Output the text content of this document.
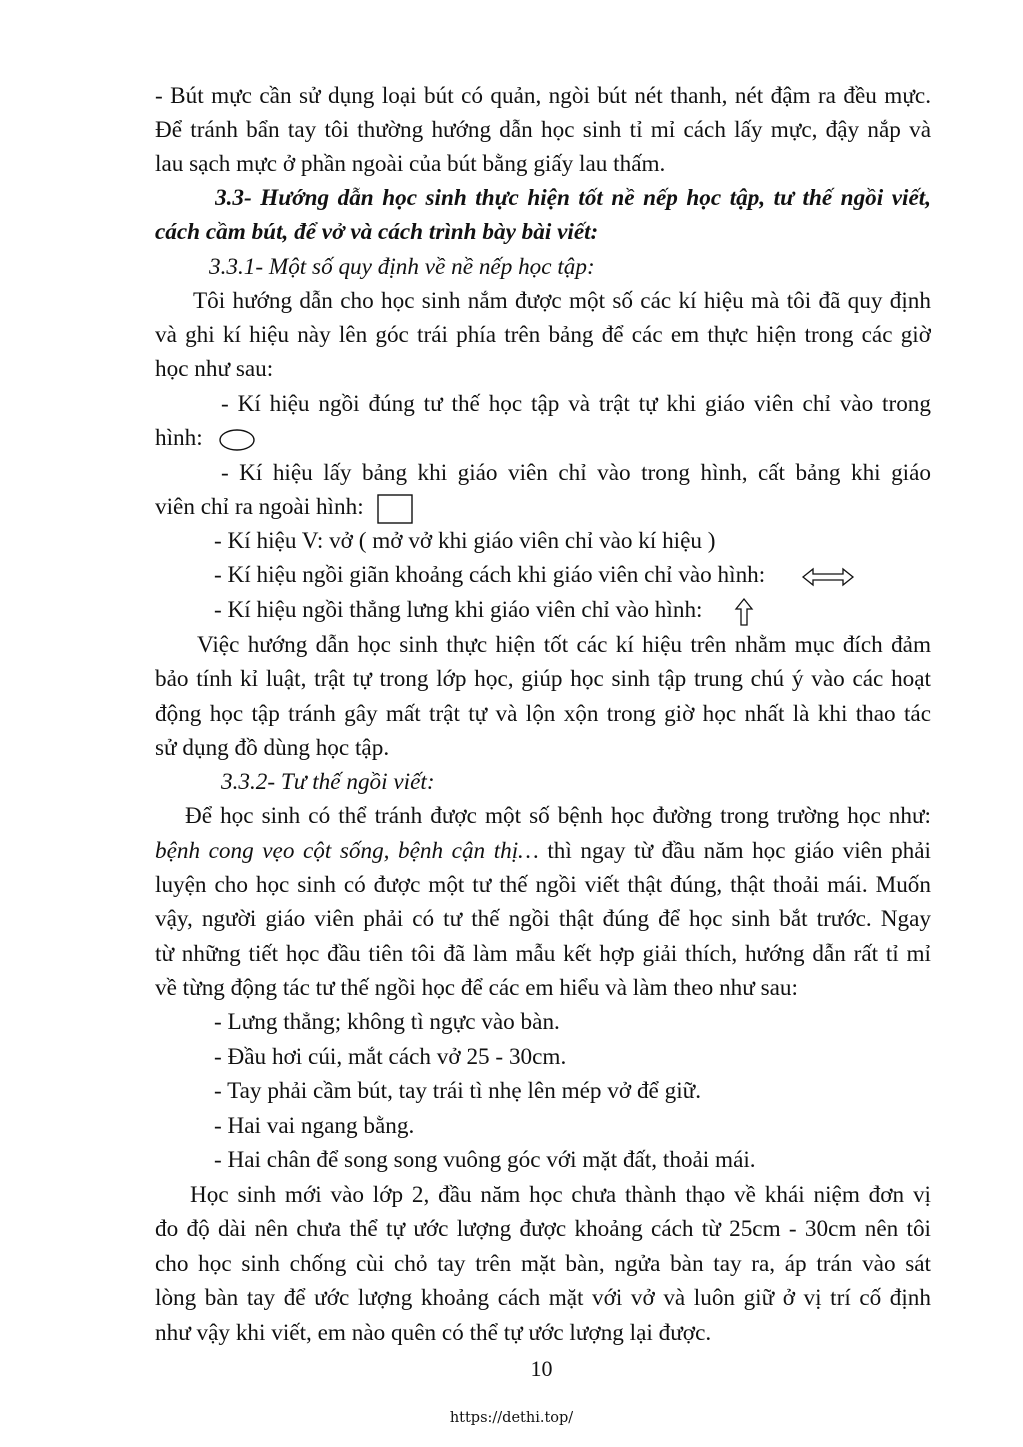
- Bút mực cần sử dụng loại bút có quản, ngòi bút nét thanh, nét đậm ra đều mực.
Để tránh bẩn tay tôi thường hướng dẫn học sinh tỉ mỉ cách lấy mực, đậy nắp và
lau sạch mực ở phần ngoài của bút bằng giấy lau thấm.
3.3- Hướng dẫn học sinh thực hiện tốt nề nếp học tập, tư thế ngồi viết,
cách cầm bút, để vở và cách trình bày bài viết:
3.3.1- Một số quy định về nề nếp học tập:
Tôi hướng dẫn cho học sinh nắm được một số các kí hiệu mà tôi đã quy định
và ghi kí hiệu này lên góc trái phía trên bảng để các em thực hiện trong các giờ
học như sau:
- Kí hiệu ngồi đúng tư thế học tập và trật tự khi giáo viên chỉ vào trong
hình:
- Kí hiệu lấy bảng khi giáo viên chỉ vào trong hình, cất bảng khi giáo
viên chỉ ra ngoài hình:
- Kí hiệu V: vở ( mở vở khi giáo viên chỉ vào kí hiệu )
- Kí hiệu ngồi giãn khoảng cách khi giáo viên chỉ vào hình:
- Kí hiệu ngồi thẳng lưng khi giáo viên chỉ vào hình:
Việc hướng dẫn học sinh thực hiện tốt các kí hiệu trên nhằm mục đích đảm
bảo tính kỉ luật, trật tự trong lớp học, giúp học sinh tập trung chú ý vào các hoạt
động học tập tránh gây mất trật tự và lộn xộn trong giờ học nhất là khi thao tác
sử dụng đồ dùng học tập.
3.3.2- Tư thế ngồi viết:
Để học sinh có thể tránh được một số bệnh học đường trong trường học như:
bệnh cong vẹo cột sống, bệnh cận thị… thì ngay từ đầu năm học giáo viên phải
luyện cho học sinh có được một tư thế ngồi viết thật đúng, thật thoải mái. Muốn
vậy, người giáo viên phải có tư thế ngồi thật đúng để học sinh bắt trước. Ngay
từ những tiết học đầu tiên tôi đã làm mẫu kết hợp giải thích, hướng dẫn rất tỉ mỉ
về từng động tác tư thế ngồi học để các em hiểu và làm theo như sau:
- Lưng thẳng; không tì ngực vào bàn.
- Đầu hơi cúi, mắt cách vở 25 - 30cm.
- Tay phải cầm bút, tay trái tì nhẹ lên mép vở để giữ.
- Hai vai ngang bằng.
- Hai chân để song song vuông góc với mặt đất, thoải mái.
Học sinh mới vào lớp 2, đầu năm học chưa thành thạo về khái niệm đơn vị
đo độ dài nên chưa thể tự ước lượng được khoảng cách từ 25cm - 30cm nên tôi
cho học sinh chống cùi chỏ tay trên mặt bàn, ngửa bàn tay ra, áp trán vào sát
lòng bàn tay để ước lượng khoảng cách mặt với vở và luôn giữ ở vị trí cố định
như vậy khi viết, em nào quên có thể tự ước lượng lại được.
10
https://dethi.top/
